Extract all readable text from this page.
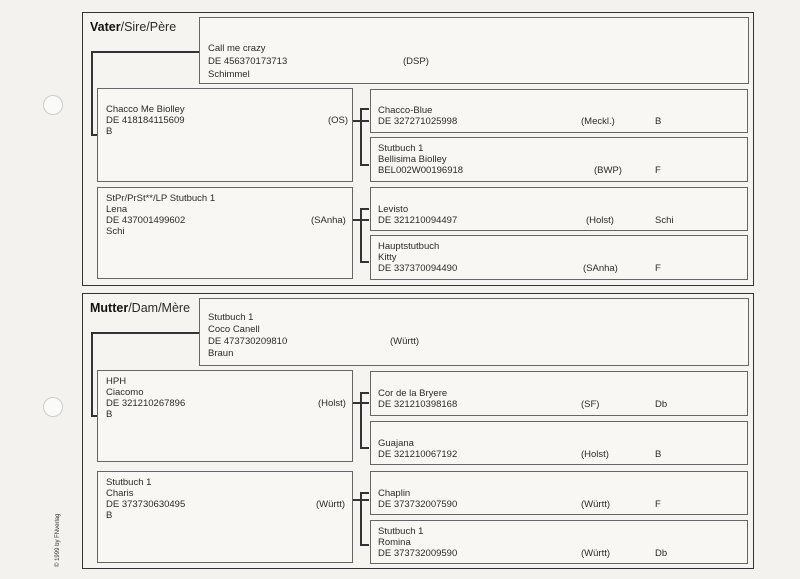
© 1999 by FNverlag
Vater/Sire/Père
Call me crazy
DE 456370173713
Schimmel
(DSP)
Chacco Me Biolley
DE 418184115609
B
(OS)
StPr/PrSt**/LP Stutbuch 1
Lena
DE 437001499602
Schi
(SAnha)
Chacco-Blue
DE 327271025998	(Meckl.)	B
Stutbuch 1
Bellisima Biolley
BEL002W00196918	(BWP)	F
Levisto
DE 321210094497	(Holst)	Schi
Hauptstutbuch
Kitty
DE 337370094490	(SAnha)	F
Mutter/Dam/Mère
Stutbuch 1
Coco Canell
DE 473730209810
Braun
(Württ)
HPH
Ciacomo
DE 321210267896
B
(Holst)
Stutbuch 1
Charis
DE 373730630495
B
(Württ)
Cor de la Bryere
DE 321210398168	(SF)	Db
Guajana
DE 321210067192	(Holst)	B
Chaplin
DE 373732007590	(Württ)	F
Stutbuch 1
Romina
DE 373732009590	(Württ)	Db
